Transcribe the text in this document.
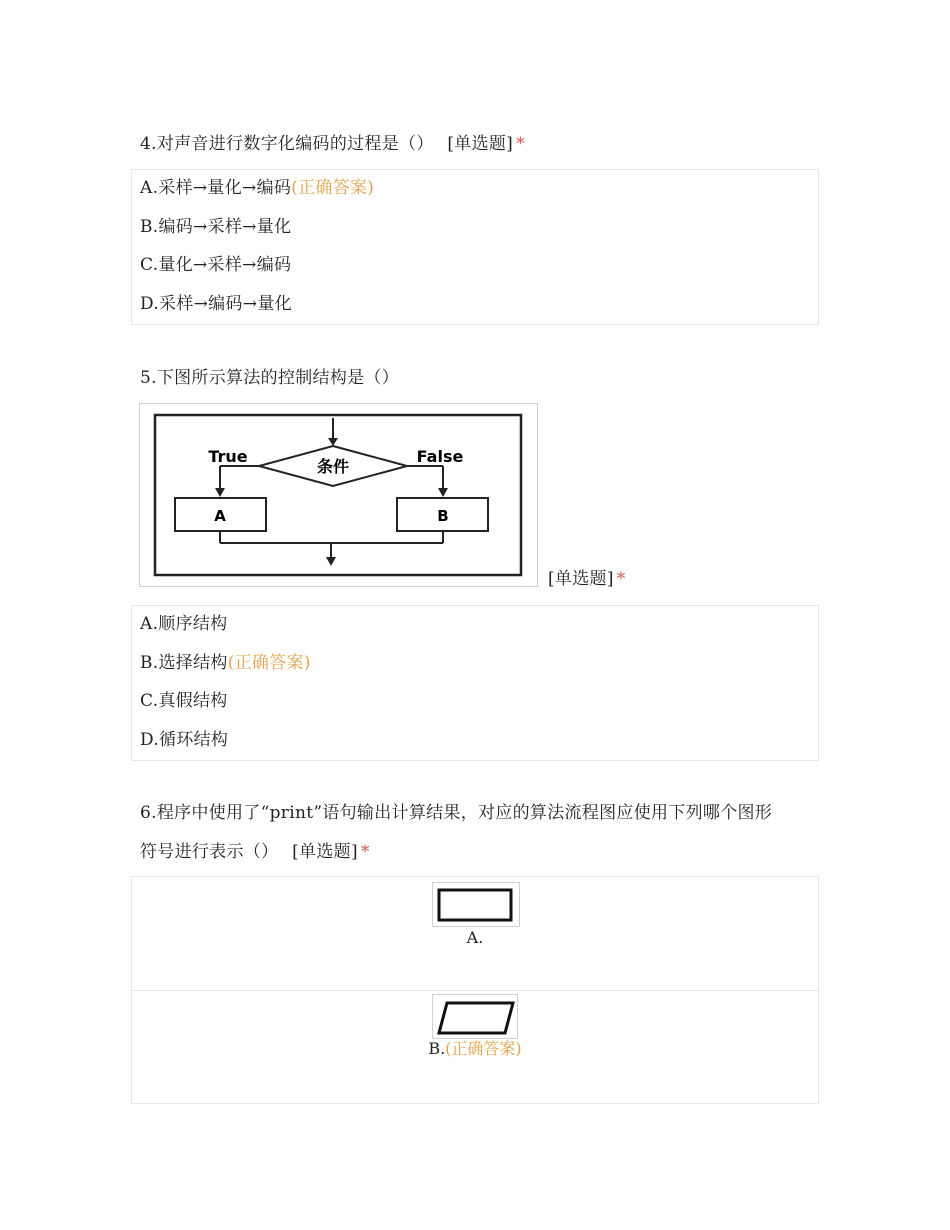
4.对声音进行数字化编码的过程是（） [单选题] *
A.采样→量化→编码(正确答案)
B.编码→采样→量化
C.量化→采样→编码
D.采样→编码→量化
5.下图所示算法的控制结构是（）
条件
True	False
A	B
[单选题] *
A.顺序结构
B.选择结构(正确答案)
C.真假结构
D.循环结构
6.程序中使用了“print”语句输出计算结果，对应的算法流程图应使用下列哪个图形
符号进行表示（） [单选题] *
A.
B.(正确答案)
